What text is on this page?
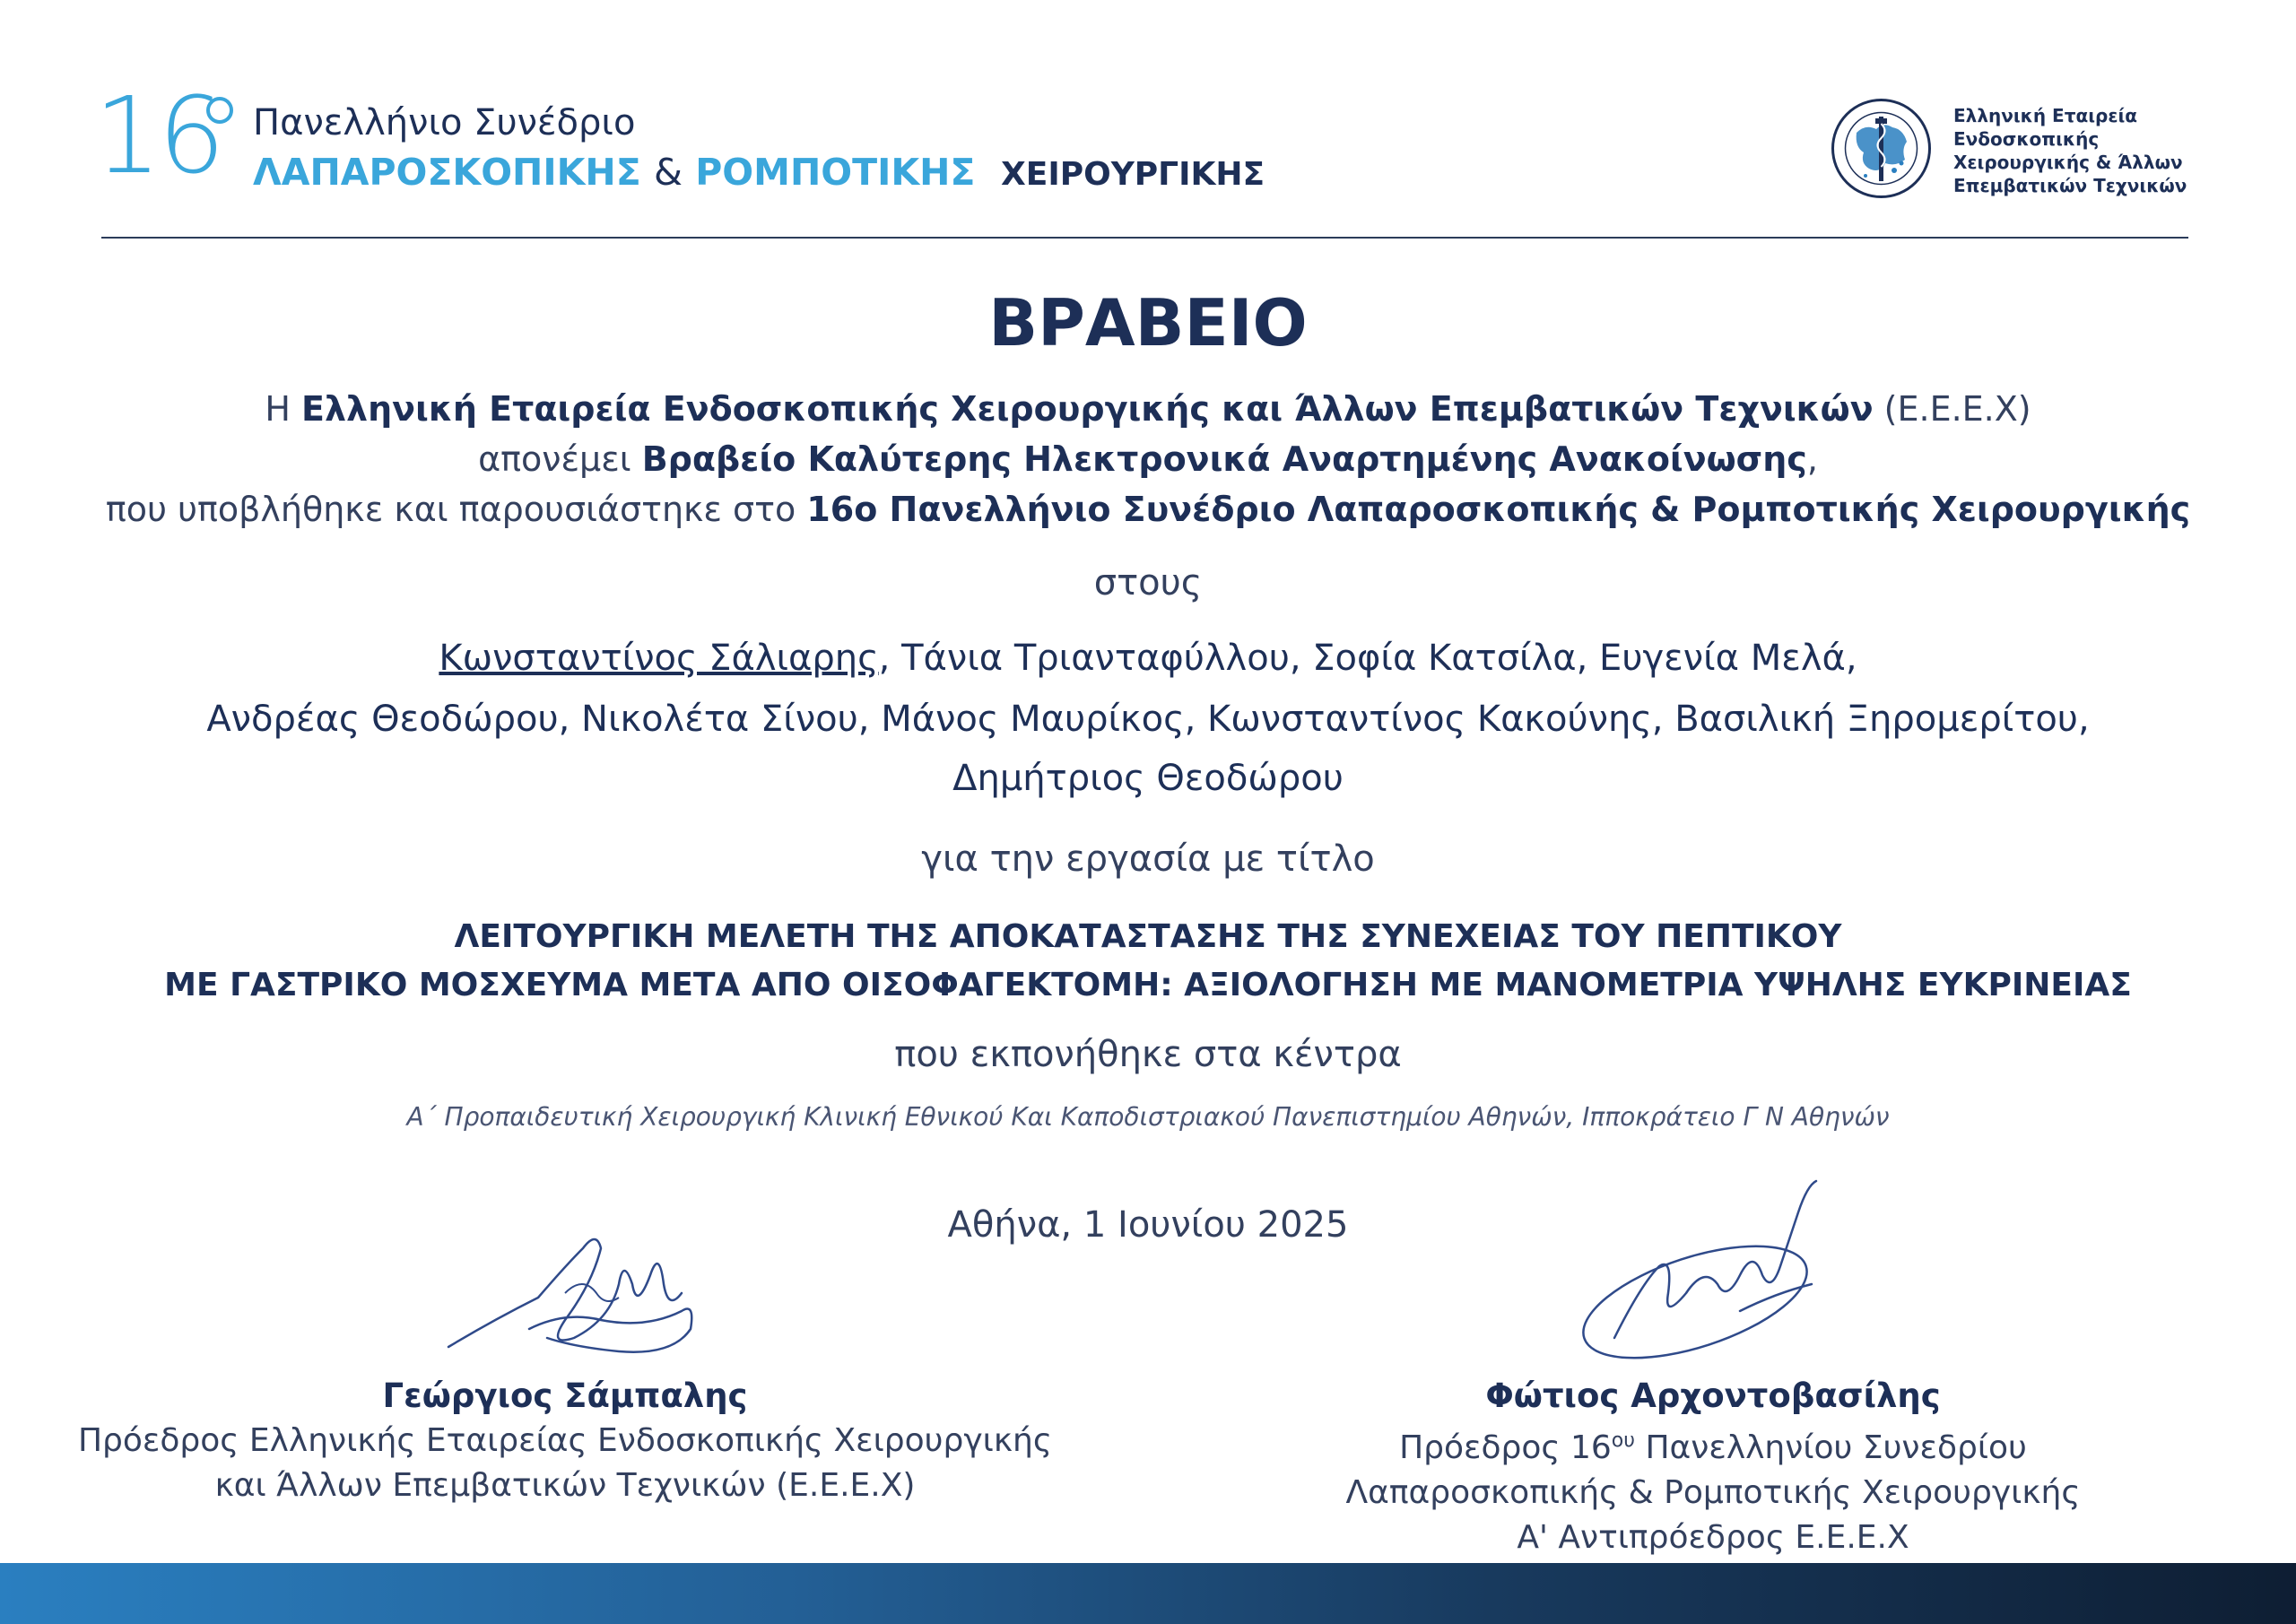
16 Πανελλήνιο Συνέδριο
ΛΑΠΑΡΟΣΚΟΠΙΚΗΣ & ΡΟΜΠΟΤΙΚΗΣ ΧΕΙΡΟΥΡΓΙΚΗΣ
Ελληνική Εταιρεία
Ενδοσκοπικής
Χειρουργικής & Άλλων
Επεμβατικών Τεχνικών
ΒΡΑΒΕΙΟ
Η Ελληνική Εταιρεία Ενδοσκοπικής Χειρουργικής και Άλλων Επεμβατικών Τεχνικών (Ε.Ε.Ε.Χ)
απονέμει Βραβείο Καλύτερης Ηλεκτρονικά Αναρτημένης Ανακοίνωσης,
που υποβλήθηκε και παρουσιάστηκε στο 16ο Πανελλήνιο Συνέδριο Λαπαροσκοπικής & Ρομποτικής Χειρουργικής
στους
Κωνσταντίνος Σάλιαρης, Τάνια Τριανταφύλλου, Σοφία Κατσίλα, Ευγενία Μελά,
Ανδρέας Θεοδώρου, Νικολέτα Σίνου, Μάνος Μαυρίκος, Κωνσταντίνος Κακούνης, Βασιλική Ξηρομερίτου,
Δημήτριος Θεοδώρου
για την εργασία με τίτλο
ΛΕΙΤΟΥΡΓΙΚΗ ΜΕΛΕΤΗ ΤΗΣ ΑΠΟΚΑΤΑΣΤΑΣΗΣ ΤΗΣ ΣΥΝΕΧΕΙΑΣ ΤΟΥ ΠΕΠΤΙΚΟΥ
ΜΕ ΓΑΣΤΡΙΚΟ ΜΟΣΧΕΥΜΑ ΜΕΤΑ ΑΠΟ ΟΙΣΟΦΑΓΕΚΤΟΜΗ: ΑΞΙΟΛΟΓΗΣΗ ΜΕ ΜΑΝΟΜΕΤΡΙΑ ΥΨΗΛΗΣ ΕΥΚΡΙΝΕΙΑΣ
που εκπονήθηκε στα κέντρα
Α΄ Προπαιδευτική Χειρουργική Κλινική Εθνικού Και Καποδιστριακού Πανεπιστημίου Αθηνών, Ιπποκράτειο Γ Ν Αθηνών
Αθήνα, 1 Ιουνίου 2025
Γεώργιος Σάμπαλης
Πρόεδρος Ελληνικής Εταιρείας Ενδοσκοπικής Χειρουργικής
και Άλλων Επεμβατικών Τεχνικών (Ε.Ε.Ε.Χ)
Φώτιος Αρχοντοβασίλης
Πρόεδρος $16^{o\upsilon}$ Πανελληνίου Συνεδρίου
Λαπαροσκοπικής & Ρομποτικής Χειρουργικής
Α' Αντιπρόεδρος Ε.Ε.Ε.Χ
